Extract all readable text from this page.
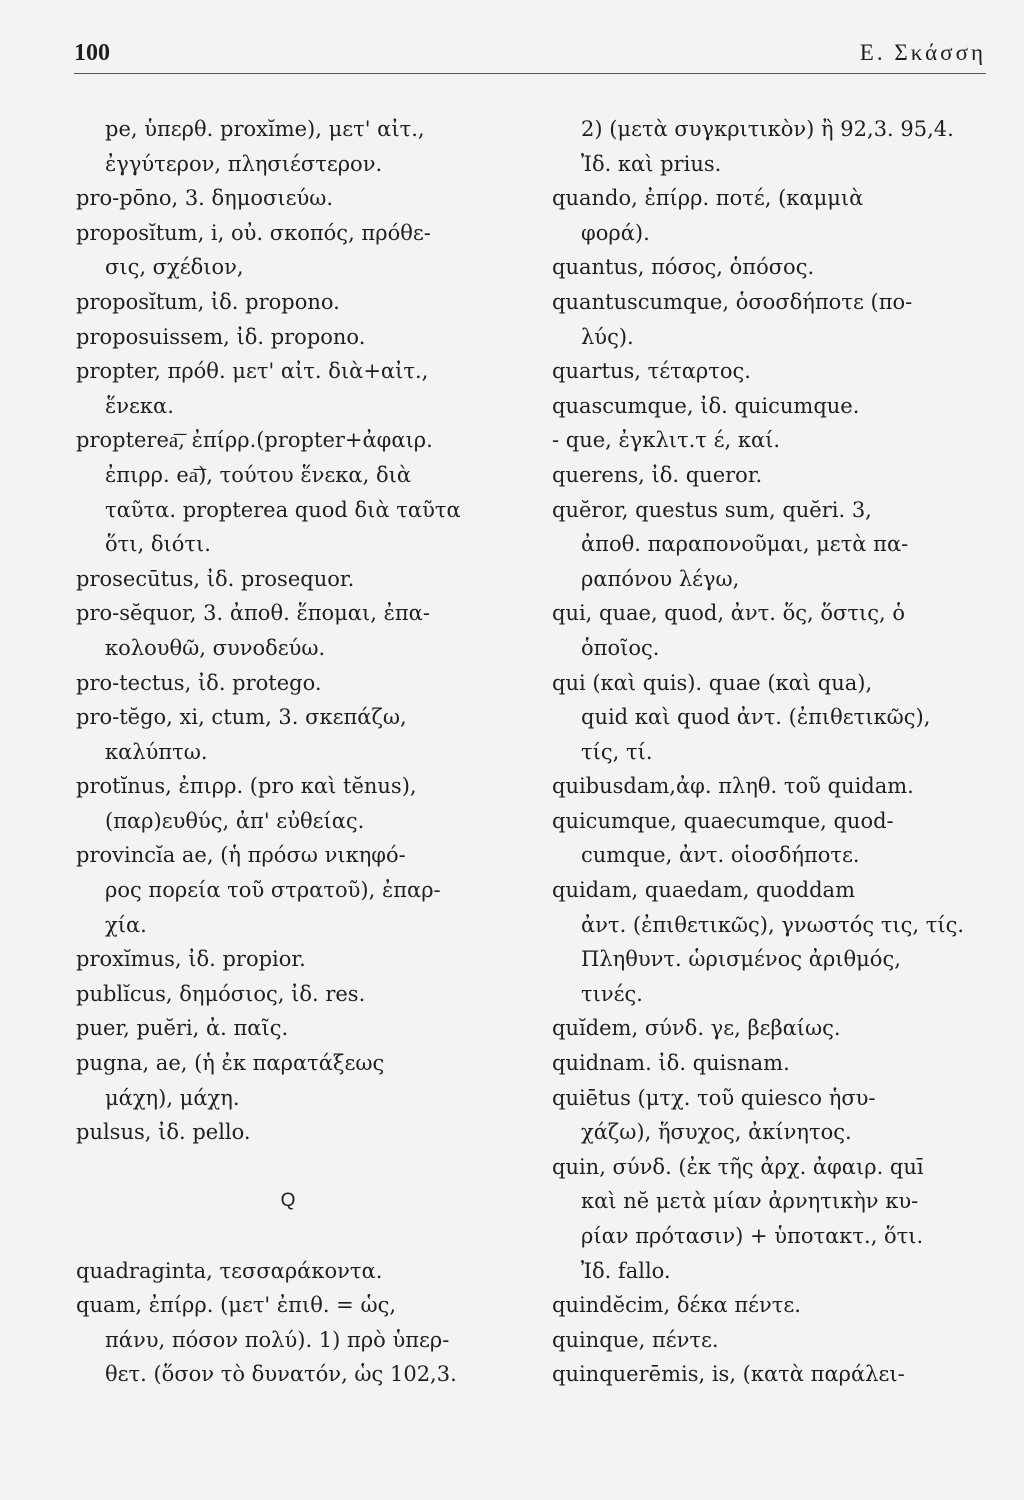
100	Ε. Σκάσση
pe, ὑπερθ. proxĭme), μετ' αἰτ.,
ἐγγύτερον, πλησιέστερον.
pro-pōno, 3. δημοσιεύω.
proposĭtum, i, οὐ. σκοπός, πρόθε-
σις, σχέδιον,
proposĭtum, ἰδ. propono.
proposuissem, ἰδ. propono.
propter, πρόθ. μετ' αἰτ. διὰ+αἰτ.,
ἕνεκα.
propterea͞, ἐπίρρ.(propter+ἀφαιρ.
ἐπιρρ. ea͞), τούτου ἕνεκα, διὰ
ταῦτα. propterea quod διὰ ταῦτα
ὅτι, διότι.
prosecūtus, ἰδ. prosequor.
pro-sĕquor, 3. ἀποθ. ἕπομαι, ἐπα-
κολουθῶ, συνοδεύω.
pro-tectus, ἰδ. protego.
pro-tĕgo, xi, ctum, 3. σκεπάζω,
καλύπτω.
protĭnus, ἐπιρρ. (pro καὶ tĕnus),
(παρ)ευθύς, ἀπ' εὐθείας.
provincĭa ae, (ἡ πρόσω νικηφό-
ρος πορεία τοῦ στρατοῦ), ἐπαρ-
χία.
proxĭmus, ἰδ. propior.
publĭcus, δημόσιος, ἰδ. res.
puer, puĕri, ἀ. παῖς.
pugna, ae, (ἡ ἐκ παρατάξεως
μάχη), μάχη.
pulsus, ἰδ. pello.
Q
quadraginta, τεσσαράκοντα.
quam, ἐπίρρ. (μετ' ἐπιθ. = ὡς,
πάνυ, πόσον πολύ). 1) πρὸ ὑπερ-
θετ. (ὅσον τὸ δυνατόν, ὡς 102,3.
2) (μετὰ συγκριτικὸν) ἢ 92,3. 95,4.
Ἰδ. καὶ prius.
quando, ἐπίρρ. ποτέ, (καμμιὰ
φορά).
quantus, πόσος, ὁπόσος.
quantuscumque, ὁσοσδήποτε (πο-
λύς).
quartus, τέταρτος.
quascumque, ἰδ. quicumque.
- que, ἐγκλιτ.τ έ, καί.
querens, ἰδ. queror.
quĕror, questus sum, quĕri. 3,
ἀποθ. παραπονοῦμαι, μετὰ πα-
ραπόνου λέγω,
qui, quae, quod, ἀντ. ὅς, ὅστις, ὁ
ὁποῖος.
qui (καὶ quis). quae (καὶ qua),
quid καὶ quod ἀντ. (ἐπιθετικῶς),
τίς, τί.
quibusdam,ἀφ. πληθ. τοῦ quidam.
quicumque, quaecumque, quod-
cumque, ἀντ. οἱοσδήποτε.
quidam, quaedam, quoddam
ἀντ. (ἐπιθετικῶς), γνωστός τις, τίς.
Πληθυντ. ὡρισμένος ἀριθμός,
τινές.
quĭdem, σύνδ. γε, βεβαίως.
quidnam. ἰδ. quisnam.
quiētus (μτχ. τοῦ quiesco ἡσυ-
χάζω), ἥσυχος, ἀκίνητος.
quin, σύνδ. (ἐκ τῆς ἀρχ. ἀφαιρ. quī
καὶ nĕ μετὰ μίαν ἀρνητικὴν κυ-
ρίαν πρότασιν) + ὑποτακτ., ὅτι.
Ἰδ. fallo.
quindĕcim, δέκα πέντε.
quinque, πέντε.
quinquerēmis, is, (κατὰ παράλει-
